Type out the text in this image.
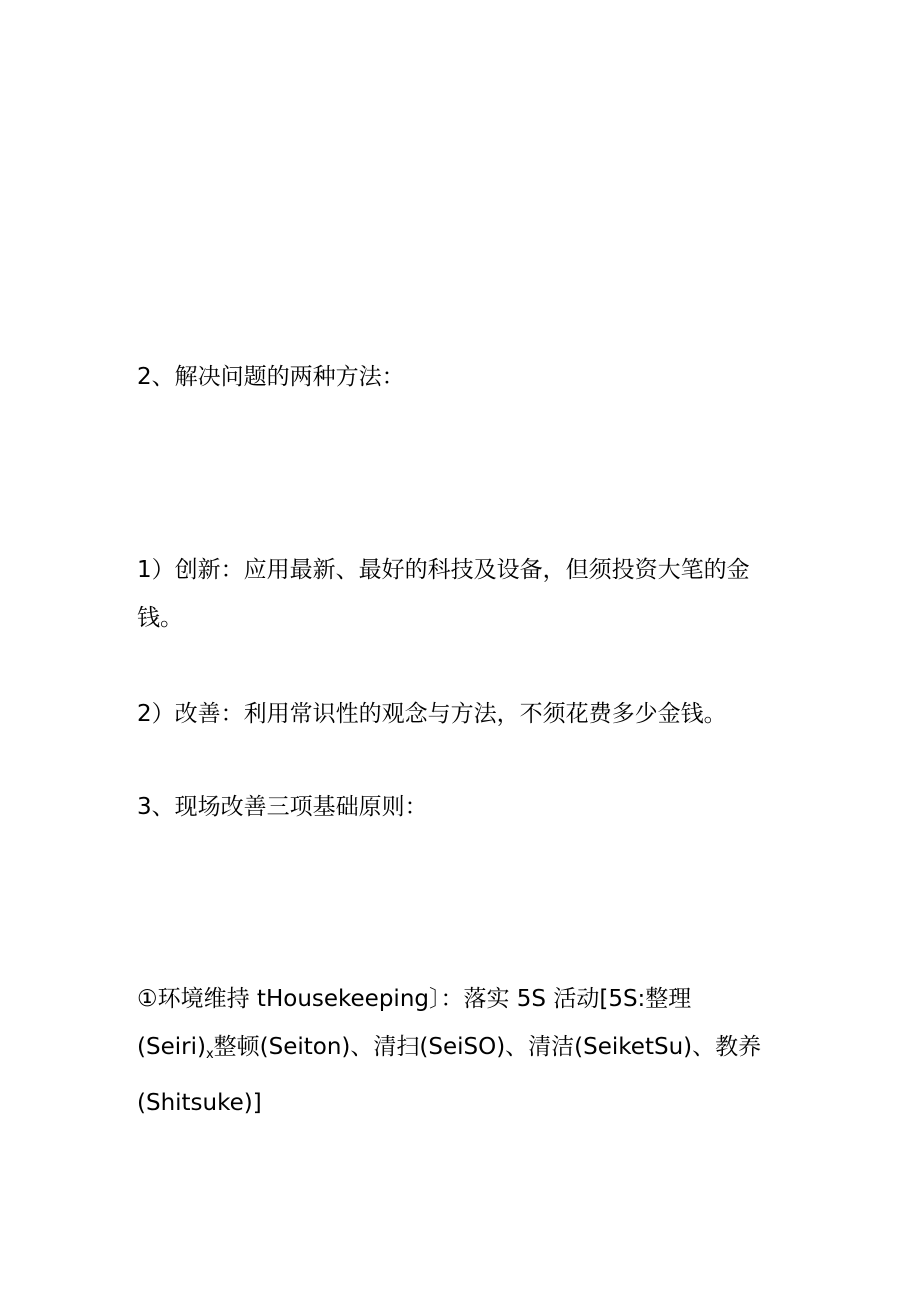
2、解决问题的两种方法：

1）创新：应用最新、最好的科技及设备，但须投资大笔的金
钱。

2）改善：利用常识性的观念与方法，不须花费多少金钱。

3、现场改善三项基础原则：

①环境维持 tHousekeeping〕：落实 5S 活动[5S:整理
$(Seiri)_x$整顿(Seiton)、清扫(SeiSO)、清洁(SeiketSu)、教养
(Shitsuke)]
